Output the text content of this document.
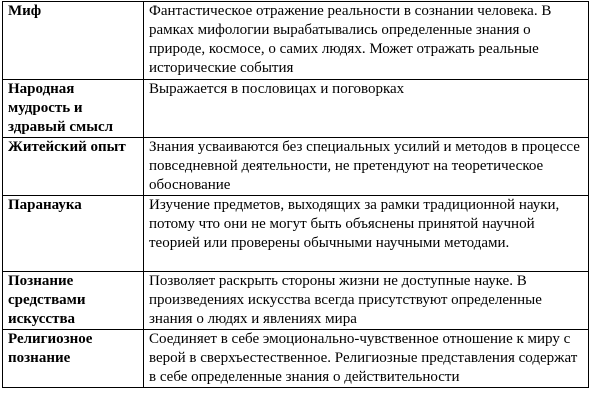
Миф	Фантастическое отражение реальности в сознании человека. В рамках мифологии вырабатывались определенные знания о природе, космосе, о самих людях. Может отражать реальные исторические события
Народная мудрость и здравый смысл	Выражается в пословицах и поговорках
Житейский опыт	Знания усваиваются без специальных усилий и методов в процессе повседневной деятельности, не претендуют на теоретическое обоснование
Паранаука	Изучение предметов, выходящих за рамки традиционной науки, потому что они не могут быть объяснены принятой научной теорией или проверены обычными научными методами.
Познание средствами искусства	Позволяет раскрыть стороны жизни не доступные науке. В произведениях искусства всегда присутствуют определенные знания о людях и явлениях мира
Религиозное познание	Соединяет в себе эмоционально-чувственное отношение к миру с верой в сверхъестественное. Религиозные представления содержат в себе определенные знания о действительности
